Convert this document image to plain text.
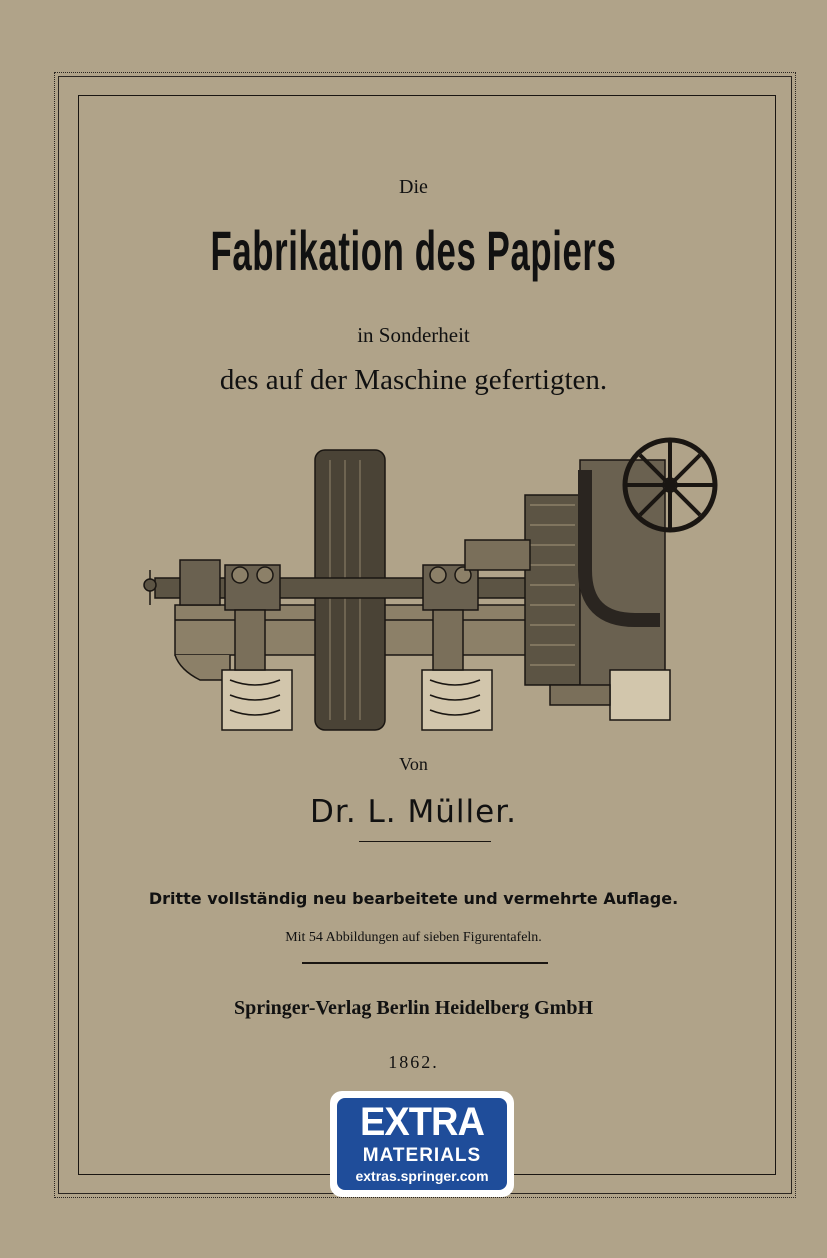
Die
Fabrikation des Papiers
in Sonderheit
des auf der Maschine gefertigten.
Von
Dr. L. Müller.
Dritte vollständig neu bearbeitete und vermehrte Auflage.
Mit 54 Abbildungen auf sieben Figurentafeln.
Springer-Verlag Berlin Heidelberg GmbH
1862.
EXTRA
MATERIALS
extras.springer.com
